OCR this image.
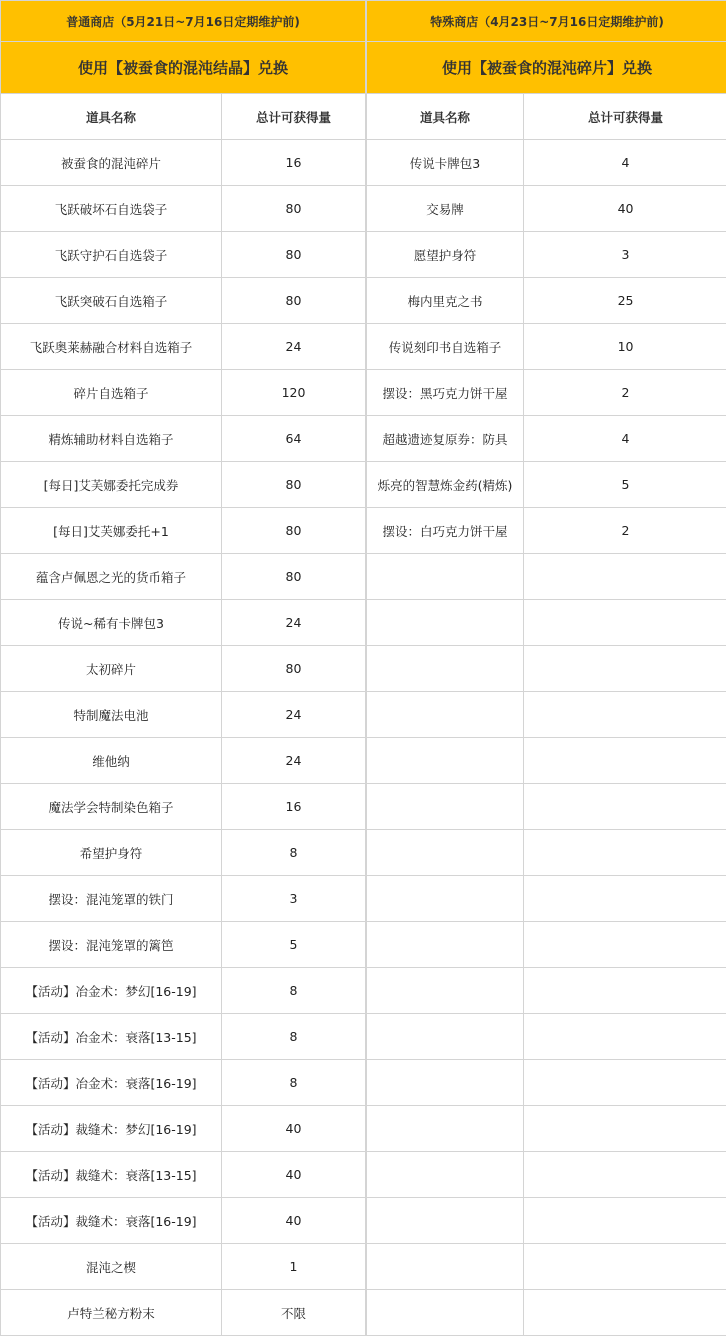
普通商店（5月21日~7月16日定期维护前)	
使用【被蚕食的混沌结晶】兑换	
道具名称	总计可获得量
被蚕食的混沌碎片	16
飞跃破坏石自选袋子	80
飞跃守护石自选袋子	80
飞跃突破石自选箱子	80
飞跃奥莱赫融合材料自选箱子	24
碎片自选箱子	120
精炼辅助材料自选箱子	64
[每日]艾芙娜委托完成券	80
[每日]艾芙娜委托+1	80
蕴含卢佩恩之光的货币箱子	80
传说~稀有卡牌包3	24
太初碎片	80
特制魔法电池	24
维他纳	24
魔法学会特制染色箱子	16
希望护身符	8
摆设：混沌笼罩的铁门	3
摆设：混沌笼罩的篱笆	5
【活动】冶金术：梦幻[16-19]	8
【活动】冶金术：衰落[13-15]	8
【活动】冶金术：衰落[16-19]	8
【活动】裁缝术：梦幻[16-19]	40
【活动】裁缝术：衰落[13-15]	40
【活动】裁缝术：衰落[16-19]	40
混沌之楔	1
卢特兰秘方粉末	不限
特殊商店（4月23日~7月16日定期维护前)	
使用【被蚕食的混沌碎片】兑换	
道具名称	总计可获得量
传说卡牌包3	4
交易牌	40
愿望护身符	3
梅内里克之书	25
传说刻印书自选箱子	10
摆设：黑巧克力饼干屋	2
超越遗迹复原券：防具	4
烁亮的智慧炼金药(精炼)	5
摆设：白巧克力饼干屋	2
